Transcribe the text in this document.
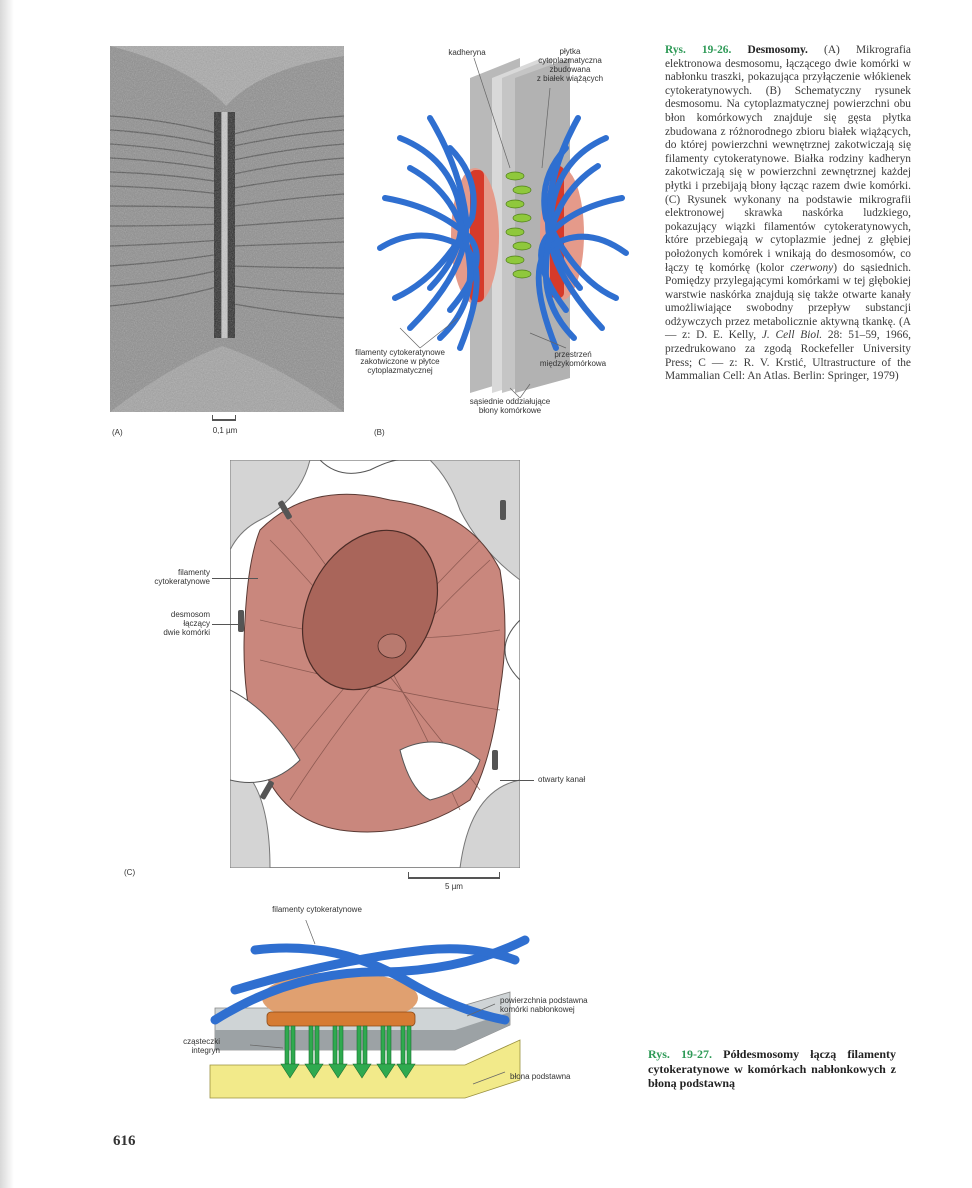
0,1 µm
(A)
kadheryna	płytka
cytoplazmatyczna
zbudowana
z białek wiążących
filamenty cytokeratynowe
zakotwiczone w płytce
cytoplazmatycznej
przestrzeń
międzykomórkowa
sąsiednie oddziałujące
błony komórkowe
(B)
filamenty
cytokeratynowe
desmosom
łączący
dwie komórki
otwarty kanał
5 µm
(C)
filamenty cytokeratynowe
powierzchnia podstawna
komórki nabłonkowej
cząsteczki
integryn
błona podstawna
Rys. 19-26. Desmosomy. (A) Mikrografia elektronowa desmosomu, łączącego dwie komórki w nabłonku traszki, pokazująca przyłączenie włókienek cytokeratynowych. (B) Schematyczny rysunek desmosomu. Na cytoplazmatycznej powierzchni obu błon komórkowych znajduje się gęsta płytka zbudowana z różnorodnego zbioru białek wiążących, do której powierzchni wewnętrznej zakotwiczają się filamenty cytokeratynowe. Białka rodziny kadheryn zakotwiczają się w powierzchni zewnętrznej każdej płytki i przebijają błony łącząc razem dwie komórki. (C) Rysunek wykonany na podstawie mikrografii elektronowej skrawka naskórka ludzkiego, pokazujący wiązki filamentów cytokeratynowych, które przebiegają w cytoplazmie jednej z głębiej położonych komórek i wnikają do desmosomów, co łączy tę komórkę (kolor czerwony) do sąsiednich. Pomiędzy przylegającymi komórkami w tej głębokiej warstwie naskórka znajdują się także otwarte kanały umożliwiające swobodny przepływ substancji odżywczych przez metabolicznie aktywną tkankę. (A — z: D. E. Kelly, J. Cell Biol. 28: 51–59, 1966, przedrukowano za zgodą Rockefeller University Press; C — z: R. V. Krstić, Ultrastructure of the Mammalian Cell: An Atlas. Berlin: Springer, 1979)
Rys. 19-27. Półdesmosomy łączą filamenty cytokeratynowe w komórkach nabłonkowych z błoną podstawną
616
